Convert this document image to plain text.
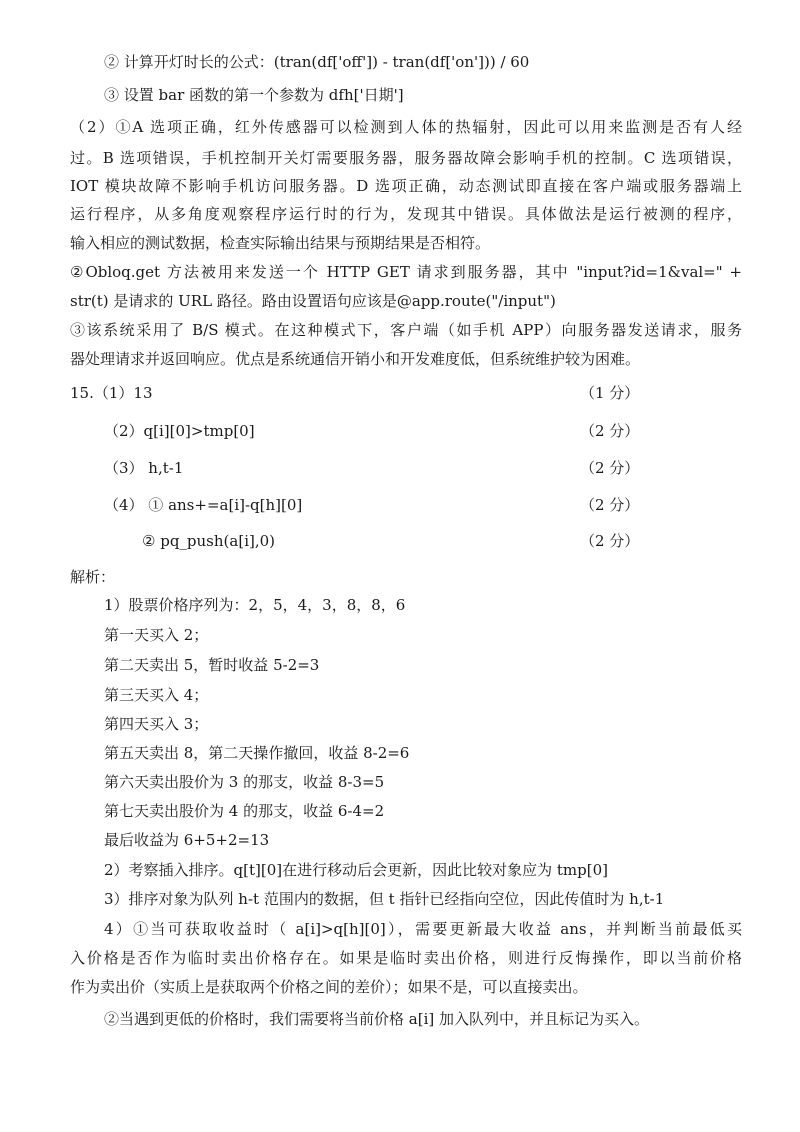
② 计算开灯时长的公式：(tran(df['off']) - tran(df['on'])) / 60
③ 设置 bar 函数的第一个参数为 dfh['日期']
（2）①A 选项正确，红外传感器可以检测到人体的热辐射，因此可以用来监测是否有人经
过。B 选项错误，手机控制开关灯需要服务器，服务器故障会影响手机的控制。C 选项错误，
IOT 模块故障不影响手机访问服务器。D 选项正确，动态测试即直接在客户端或服务器端上
运行程序，从多角度观察程序运行时的行为，发现其中错误。具体做法是运行被测的程序，
输入相应的测试数据，检查实际输出结果与预期结果是否相符。
②Obloq.get 方法被用来发送一个 HTTP GET 请求到服务器，其中 "input?id=1&val=" +
str(t) 是请求的 URL 路径。路由设置语句应该是@app.route("/input")
③该系统采用了 B/S 模式。在这种模式下，客户端（如手机 APP）向服务器发送请求，服务
器处理请求并返回响应。优点是系统通信开销小和开发难度低，但系统维护较为困难。
15.（1）13	（1 分）
（2）q[i][0]>tmp[0]	（2 分）
（3） h,t-1	（2 分）
（4） ① ans+=a[i]-q[h][0]	（2 分）
② pq_push(a[i],0)	（2 分）
解析：
1）股票价格序列为：2，5，4，3，8，8，6
第一天买入 2；
第二天卖出 5，暂时收益 5-2=3
第三天买入 4；
第四天买入 3；
第五天卖出 8，第二天操作撤回，收益 8-2=6
第六天卖出股价为 3 的那支，收益 8-3=5
第七天卖出股价为 4 的那支，收益 6-4=2
最后收益为 6+5+2=13
2）考察插入排序。q[t][0]在进行移动后会更新，因此比较对象应为 tmp[0]
3）排序对象为队列 h-t 范围内的数据，但 t 指针已经指向空位，因此传值时为 h,t-1
4）①当可获取收益时（ a[i]>q[h][0]），需要更新最大收益 ans，并判断当前最低买
入价格是否作为临时卖出价格存在。如果是临时卖出价格，则进行反悔操作，即以当前价格
作为卖出价（实质上是获取两个价格之间的差价）；如果不是，可以直接卖出。
②当遇到更低的价格时，我们需要将当前价格 a[i] 加入队列中，并且标记为买入。
